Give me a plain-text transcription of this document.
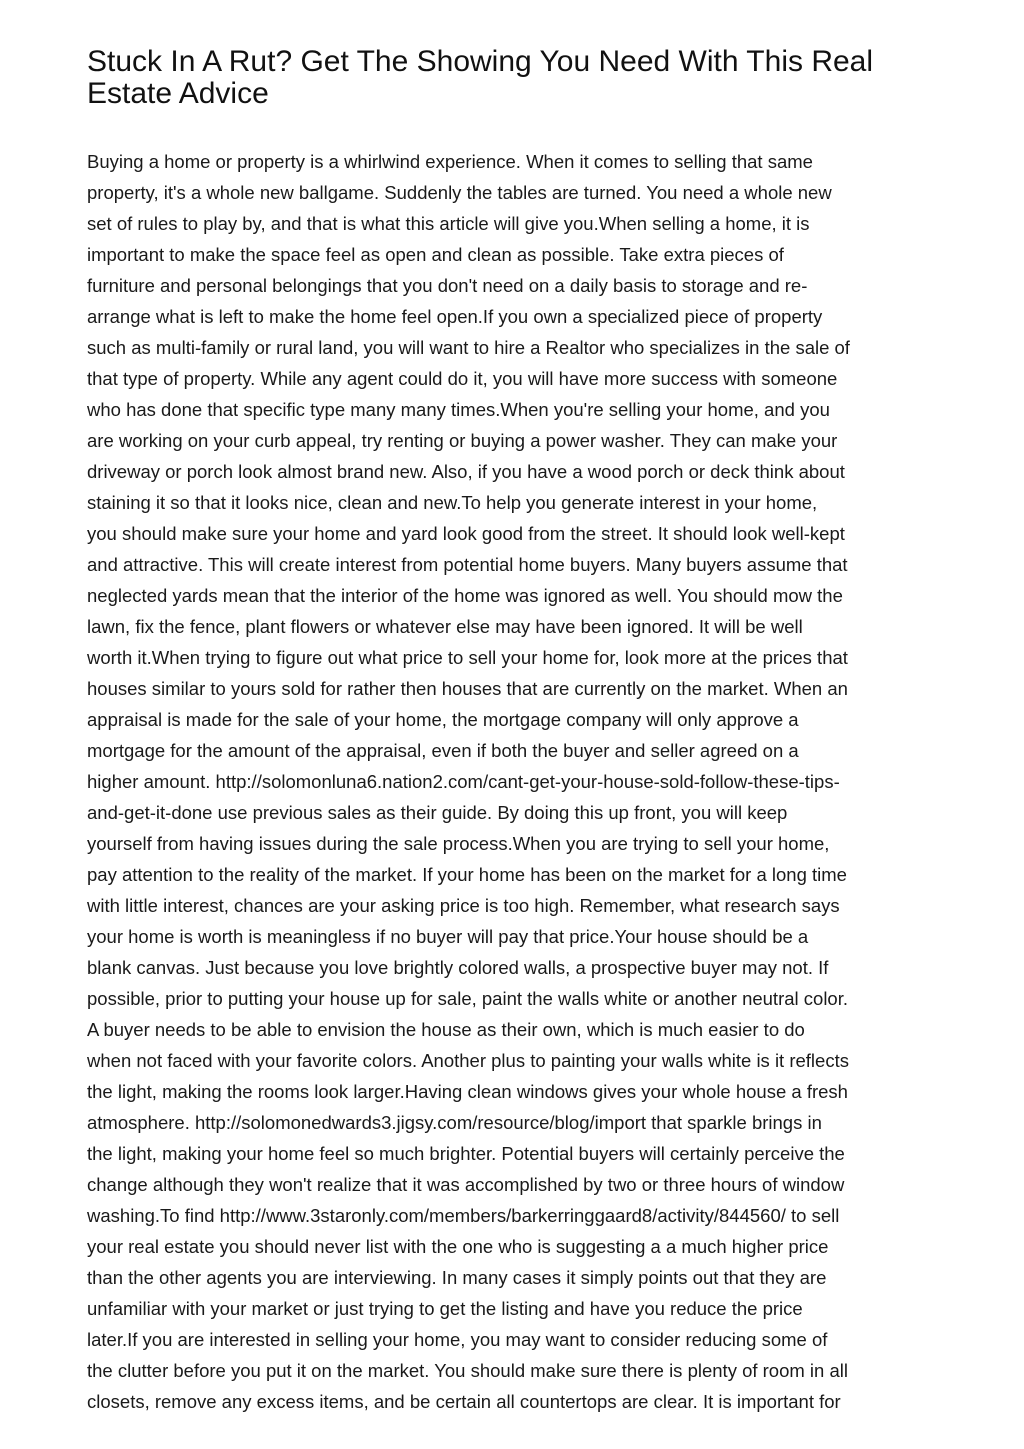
Stuck In A Rut? Get The Showing You Need With This Real
Estate Advice
Buying a home or property is a whirlwind experience. When it comes to selling that same
property, it's a whole new ballgame. Suddenly the tables are turned. You need a whole new
set of rules to play by, and that is what this article will give you.When selling a home, it is
important to make the space feel as open and clean as possible. Take extra pieces of
furniture and personal belongings that you don't need on a daily basis to storage and re-
arrange what is left to make the home feel open.If you own a specialized piece of property
such as multi-family or rural land, you will want to hire a Realtor who specializes in the sale of
that type of property. While any agent could do it, you will have more success with someone
who has done that specific type many many times.When you're selling your home, and you
are working on your curb appeal, try renting or buying a power washer. They can make your
driveway or porch look almost brand new. Also, if you have a wood porch or deck think about
staining it so that it looks nice, clean and new.To help you generate interest in your home,
you should make sure your home and yard look good from the street. It should look well-kept
and attractive. This will create interest from potential home buyers. Many buyers assume that
neglected yards mean that the interior of the home was ignored as well. You should mow the
lawn, fix the fence, plant flowers or whatever else may have been ignored. It will be well
worth it.When trying to figure out what price to sell your home for, look more at the prices that
houses similar to yours sold for rather then houses that are currently on the market. When an
appraisal is made for the sale of your home, the mortgage company will only approve a
mortgage for the amount of the appraisal, even if both the buyer and seller agreed on a
higher amount. http://solomonluna6.nation2.com/cant-get-your-house-sold-follow-these-tips-
and-get-it-done use previous sales as their guide. By doing this up front, you will keep
yourself from having issues during the sale process.When you are trying to sell your home,
pay attention to the reality of the market. If your home has been on the market for a long time
with little interest, chances are your asking price is too high. Remember, what research says
your home is worth is meaningless if no buyer will pay that price.Your house should be a
blank canvas. Just because you love brightly colored walls, a prospective buyer may not. If
possible, prior to putting your house up for sale, paint the walls white or another neutral color.
A buyer needs to be able to envision the house as their own, which is much easier to do
when not faced with your favorite colors. Another plus to painting your walls white is it reflects
the light, making the rooms look larger.Having clean windows gives your whole house a fresh
atmosphere. http://solomonedwards3.jigsy.com/resource/blog/import that sparkle brings in
the light, making your home feel so much brighter. Potential buyers will certainly perceive the
change although they won't realize that it was accomplished by two or three hours of window
washing.To find http://www.3staronly.com/members/barkerringgaard8/activity/844560/ to sell
your real estate you should never list with the one who is suggesting a a much higher price
than the other agents you are interviewing. In many cases it simply points out that they are
unfamiliar with your market or just trying to get the listing and have you reduce the price
later.If you are interested in selling your home, you may want to consider reducing some of
the clutter before you put it on the market. You should make sure there is plenty of room in all
closets, remove any excess items, and be certain all countertops are clear. It is important for
